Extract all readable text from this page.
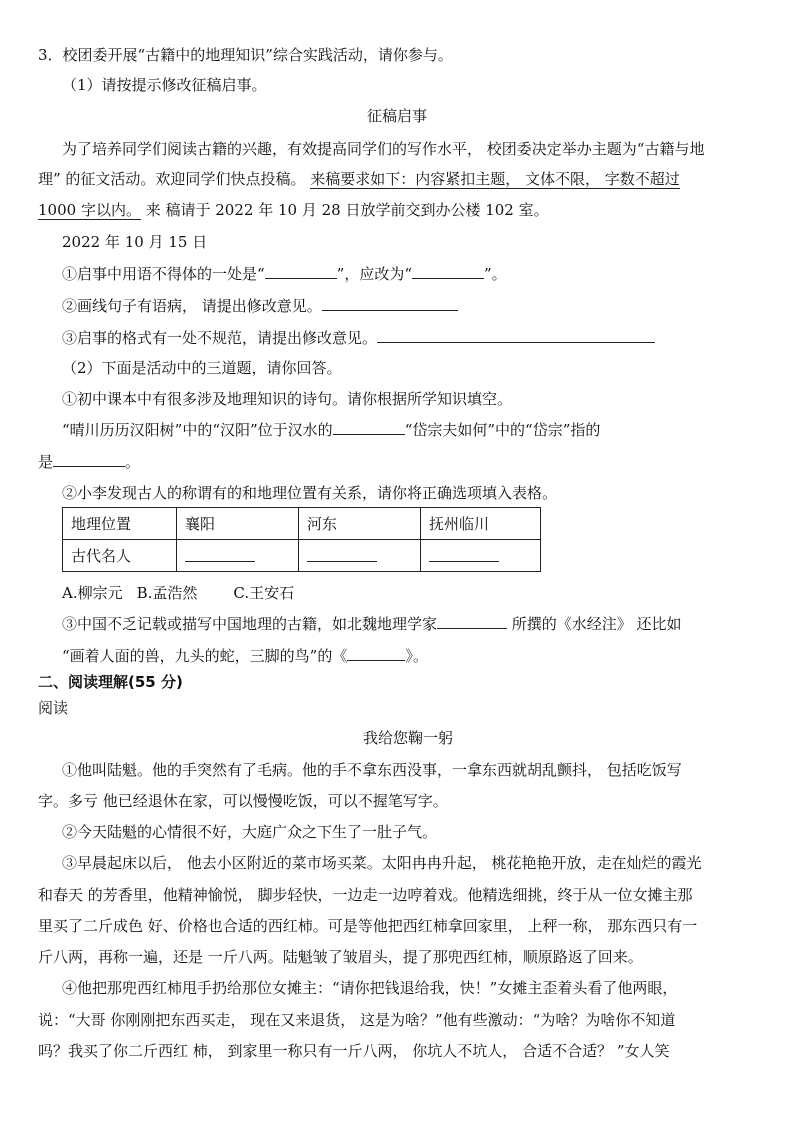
3．校团委开展“古籍中的地理知识”综合实践活动，请你参与。
（1）请按提示修改征稿启事。
征稿启事
为了培养同学们阅读古籍的兴趣，有效提高同学们的写作水平， 校团委决定举办主题为“古籍与地
理” 的征文活动。欢迎同学们快点投稿。 来稿要求如下：内容紧扣主题， 文体不限， 字数不超过
1000 字以内。 来 稿请于 2022 年 10 月 28 日放学前交到办公楼 102 室。
2022 年 10 月 15 日
①启事中用语不得体的一处是“	”，应改为“	”。
②画线句子有语病， 请提出修改意见。
③启事的格式有一处不规范，请提出修改意见。
（2）下面是活动中的三道题，请你回答。
①初中课本中有很多涉及地理知识的诗句。请你根据所学知识填空。
“晴川历历汉阳树”中的“汉阳”位于汉水的	“岱宗夫如何”中的“岱宗”指的
是	。
②小李发现古人的称谓有的和地理位置有关系，请你将正确选项填入表格。
地理位置	襄阳	河东	抚州临川
古代名人			
A.柳宗元 B.孟浩然 C.王安石
③中国不乏记载或描写中国地理的古籍，如北魏地理学家	所撰的《水经注》 还比如
“画着人面的兽，九头的蛇，三脚的鸟”的《	》。
二、阅读理解(55 分)
阅读
我给您鞠一躬
①他叫陆魁。他的手突然有了毛病。他的手不拿东西没事，一拿东西就胡乱颤抖， 包括吃饭写
字。多亏 他已经退休在家，可以慢慢吃饭，可以不握笔写字。
②今天陆魁的心情很不好，大庭广众之下生了一肚子气。
③早晨起床以后， 他去小区附近的菜市场买菜。太阳冉冉升起， 桃花艳艳开放，走在灿烂的霞光
和春天 的芳香里，他精神愉悦， 脚步轻快，一边走一边哼着戏。他精选细挑，终于从一位女摊主那
里买了二斤成色 好、价格也合适的西红柿。可是等他把西红柿拿回家里， 上秤一称， 那东西只有一
斤八两，再称一遍，还是 一斤八两。陆魁皱了皱眉头，提了那兜西红柿，顺原路返了回来。
④他把那兜西红柿甩手扔给那位女摊主：“请你把钱退给我，快！”女摊主歪着头看了他两眼，
说：“大哥 你刚刚把东西买走， 现在又来退货， 这是为啥？”他有些激动：“为啥？为啥你不知道
吗？我买了你二斤西红 柿， 到家里一称只有一斤八两， 你坑人不坑人， 合适不合适？ ”女人笑
